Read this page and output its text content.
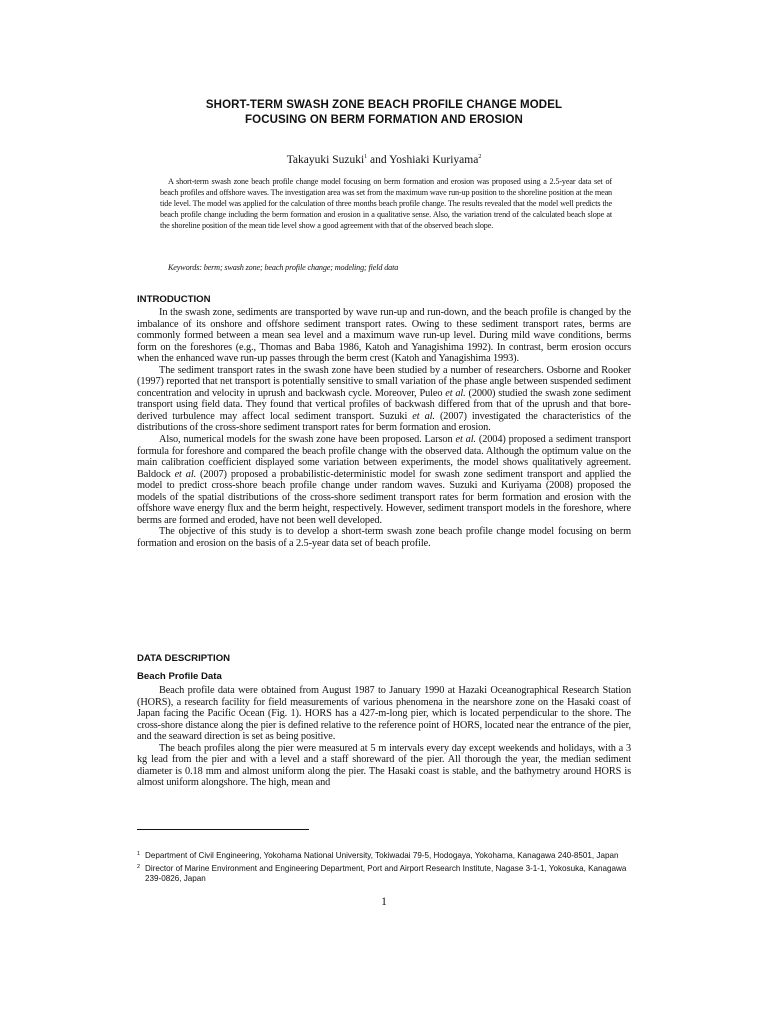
SHORT-TERM SWASH ZONE BEACH PROFILE CHANGE MODEL
FOCUSING ON BERM FORMATION AND EROSION
Takayuki Suzuki$^1$ and Yoshiaki Kuriyama$^2$
A short-term swash zone beach profile change model focusing on berm formation and erosion was proposed using a 2.5-year data set of beach profiles and offshore waves. The investigation area was set from the maximum wave run-up position to the shoreline position at the mean tide level. The model was applied for the calculation of three months beach profile change. The results revealed that the model well predicts the beach profile change including the berm formation and erosion in a qualitative sense. Also, the variation trend of the calculated beach slope at the shoreline position of the mean tide level show a good agreement with that of the observed beach slope.
Keywords: berm; swash zone; beach profile change; modeling; field data
INTRODUCTION

In the swash zone, sediments are transported by wave run-up and run-down, and the beach profile is changed by the imbalance of its onshore and offshore sediment transport rates. Owing to these sediment transport rates, berms are commonly formed between a mean sea level and a maximum wave run-up level. During mild wave conditions, berms form on the foreshores (e.g., Thomas and Baba 1986, Katoh and Yanagishima 1992). In contrast, berm erosion occurs when the enhanced wave run-up passes through the berm crest (Katoh and Yanagishima 1993).

The sediment transport rates in the swash zone have been studied by a number of researchers. Osborne and Rooker (1997) reported that net transport is potentially sensitive to small variation of the phase angle between suspended sediment concentration and velocity in uprush and backwash cycle. Moreover, Puleo et al. (2000) studied the swash zone sediment transport using field data. They found that vertical profiles of backwash differed from that of the uprush and that bore-derived turbulence may affect local sediment transport. Suzuki et al. (2007) investigated the characteristics of the distributions of the cross-shore sediment transport rates for berm formation and erosion.

Also, numerical models for the swash zone have been proposed. Larson et al. (2004) proposed a sediment transport formula for foreshore and compared the beach profile change with the observed data. Although the optimum value on the main calibration coefficient displayed some variation between experiments, the model shows qualitatively agreement. Baldock et al. (2007) proposed a probabilistic-deterministic model for swash zone sediment transport and applied the model to predict cross-shore beach profile change under random waves. Suzuki and Kuriyama (2008) proposed the models of the spatial distributions of the cross-shore sediment transport rates for berm formation and erosion with the offshore wave energy flux and the berm height, respectively. However, sediment transport models in the foreshore, where berms are formed and eroded, have not been well developed.

The objective of this study is to develop a short-term swash zone beach profile change model focusing on berm formation and erosion on the basis of a 2.5-year data set of beach profile.

DATA DESCRIPTION
Beach Profile Data

Beach profile data were obtained from August 1987 to January 1990 at Hazaki Oceanographical Research Station (HORS), a research facility for field measurements of various phenomena in the nearshore zone on the Hasaki coast of Japan facing the Pacific Ocean (Fig. 1). HORS has a 427-m-long pier, which is located perpendicular to the shore. The cross-shore distance along the pier is defined relative to the reference point of HORS, located near the entrance of the pier, and the seaward direction is set as being positive.

The beach profiles along the pier were measured at 5 m intervals every day except weekends and holidays, with a 3 kg lead from the pier and with a level and a staff shoreward of the pier. All thorough the year, the median sediment diameter is 0.18 mm and almost uniform along the pier. The Hasaki coast is stable, and the bathymetry around HORS is almost uniform alongshore. The high, mean and

1 Department of Civil Engineering, Yokohama National University, Tokiwadai 79-5, Hodogaya, Yokohama, Kanagawa 240-8501, Japan
2 Director of Marine Environment and Engineering Department, Port and Airport Research Institute, Nagase 3-1-1, Yokosuka, Kanagawa 239-0826, Japan
1
